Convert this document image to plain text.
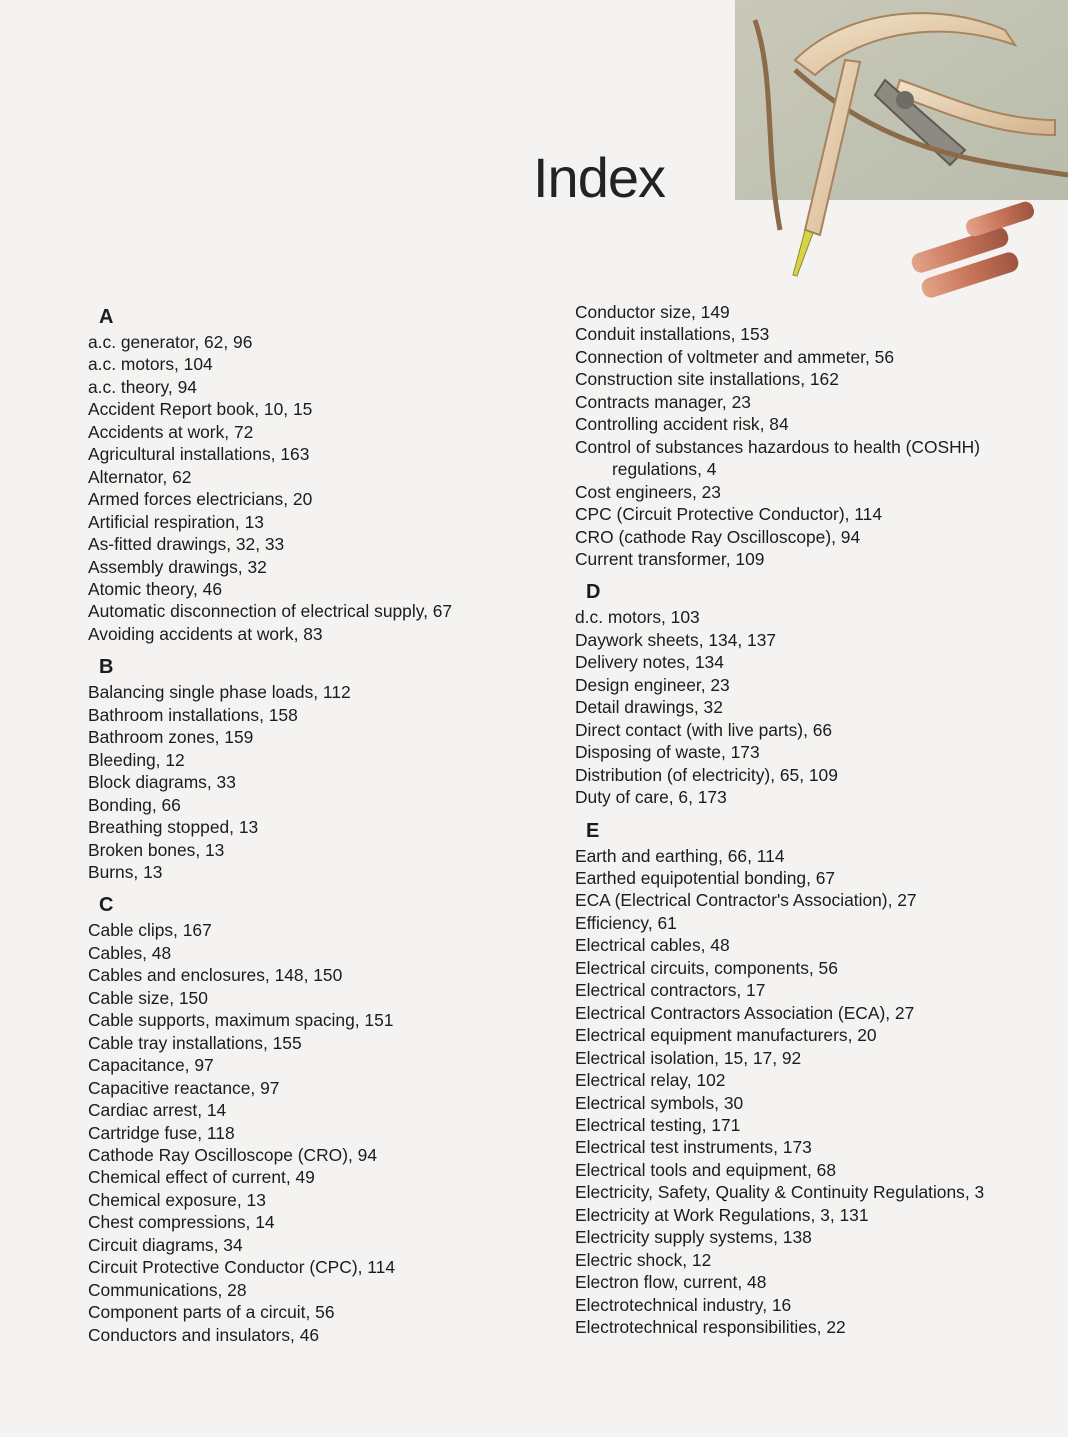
Index
A
a.c. generator, 62, 96
a.c. motors, 104
a.c. theory, 94
Accident Report book, 10, 15
Accidents at work, 72
Agricultural installations, 163
Alternator, 62
Armed forces electricians, 20
Artificial respiration, 13
As-fitted drawings, 32, 33
Assembly drawings, 32
Atomic theory, 46
Automatic disconnection of electrical supply, 67
Avoiding accidents at work, 83
B
Balancing single phase loads, 112
Bathroom installations, 158
Bathroom zones, 159
Bleeding, 12
Block diagrams, 33
Bonding, 66
Breathing stopped, 13
Broken bones, 13
Burns, 13
C
Cable clips, 167
Cables, 48
Cables and enclosures, 148, 150
Cable size, 150
Cable supports, maximum spacing, 151
Cable tray installations, 155
Capacitance, 97
Capacitive reactance, 97
Cardiac arrest, 14
Cartridge fuse, 118
Cathode Ray Oscilloscope (CRO), 94
Chemical effect of current, 49
Chemical exposure, 13
Chest compressions, 14
Circuit diagrams, 34
Circuit Protective Conductor (CPC), 114
Communications, 28
Component parts of a circuit, 56
Conductors and insulators, 46
Conductor size, 149
Conduit installations, 153
Connection of voltmeter and ammeter, 56
Construction site installations, 162
Contracts manager, 23
Controlling accident risk, 84
Control of substances hazardous to health (COSHH)
regulations, 4
Cost engineers, 23
CPC (Circuit Protective Conductor), 114
CRO (cathode Ray Oscilloscope), 94
Current transformer, 109
D
d.c. motors, 103
Daywork sheets, 134, 137
Delivery notes, 134
Design engineer, 23
Detail drawings, 32
Direct contact (with live parts), 66
Disposing of waste, 173
Distribution (of electricity), 65, 109
Duty of care, 6, 173
E
Earth and earthing, 66, 114
Earthed equipotential bonding, 67
ECA (Electrical Contractor's Association), 27
Efficiency, 61
Electrical cables, 48
Electrical circuits, components, 56
Electrical contractors, 17
Electrical Contractors Association (ECA), 27
Electrical equipment manufacturers, 20
Electrical isolation, 15, 17, 92
Electrical relay, 102
Electrical symbols, 30
Electrical testing, 171
Electrical test instruments, 173
Electrical tools and equipment, 68
Electricity, Safety, Quality & Continuity Regulations, 3
Electricity at Work Regulations, 3, 131
Electricity supply systems, 138
Electric shock, 12
Electron flow, current, 48
Electrotechnical industry, 16
Electrotechnical responsibilities, 22
